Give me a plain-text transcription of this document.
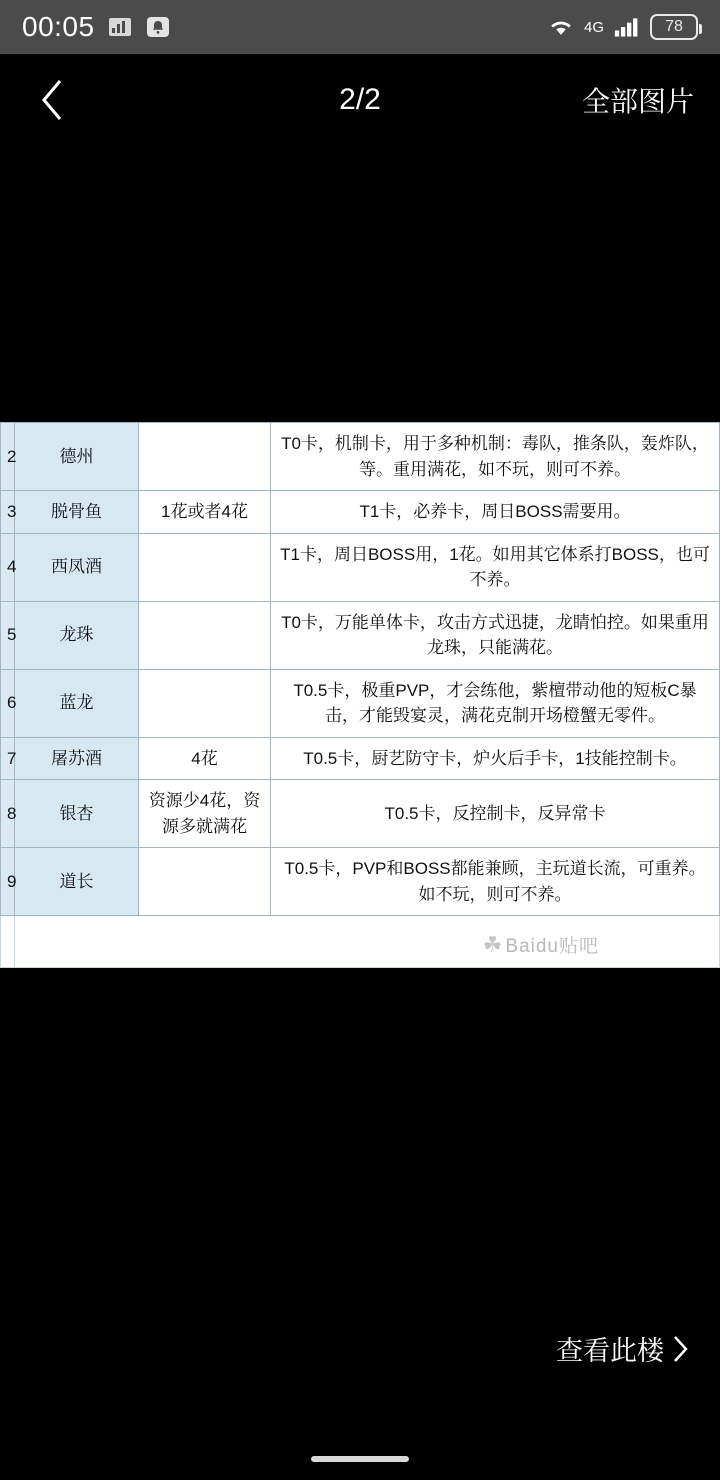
00:05	4G	78
2/2	全部图片
2	德州		T0卡，机制卡，用于多种机制：毒队，推条队，轰炸队，等。重用满花，如不玩，则可不养。
3	脱骨鱼	1花或者4花	T1卡，必养卡，周日BOSS需要用。
4	西凤酒		T1卡，周日BOSS用，1花。如用其它体系打BOSS，也可不养。
5	龙珠		T0卡，万能单体卡，攻击方式迅捷，龙睛怕控。如果重用龙珠，只能满花。
6	蓝龙		T0.5卡，极重PVP，才会练他，紫檀带动他的短板C暴击，才能毁宴灵，满花克制开场橙蟹无零件。
7	屠苏酒	4花	T0.5卡，厨艺防守卡，炉火后手卡，1技能控制卡。
8	银杏	资源少4花，资源多就满花	T0.5卡，反控制卡，反异常卡
9	道长		T0.5卡，PVP和BOSS都能兼顾，主玩道长流，可重养。如不玩，则可不养。

	☘ Baidu贴吧		
查看此楼
